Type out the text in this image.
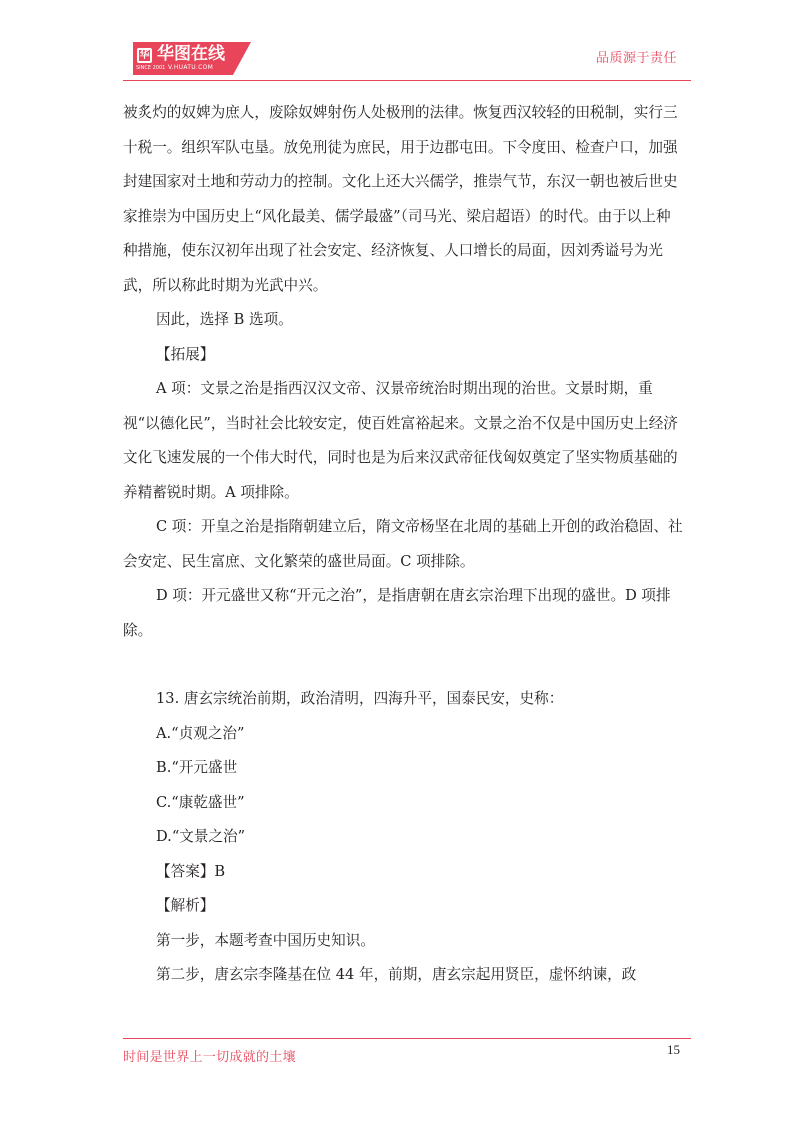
华
SINCE 2001
华图在线
V.HUATU.COM
品质源于责任

被炙灼的奴婢为庶人，废除奴婢射伤人处极刑的法律。恢复西汉较轻的田税制，实行三十税一。组织军队屯垦。放免刑徒为庶民，用于边郡屯田。下令度田、检查户口，加强封建国家对土地和劳动力的控制。文化上还大兴儒学，推崇气节，东汉一朝也被后世史家推崇为中国历史上“风化最美、儒学最盛”（司马光、梁启超语）的时代。由于以上种种措施，使东汉初年出现了社会安定、经济恢复、人口增长的局面，因刘秀谥号为光武，所以称此时期为光武中兴。

因此，选择 B 选项。

【拓展】

A 项：文景之治是指西汉汉文帝、汉景帝统治时期出现的治世。文景时期，重视“以德化民”，当时社会比较安定，使百姓富裕起来。文景之治不仅是中国历史上经济文化飞速发展的一个伟大时代，同时也是为后来汉武帝征伐匈奴奠定了坚实物质基础的养精蓄锐时期。A 项排除。

C 项：开皇之治是指隋朝建立后，隋文帝杨坚在北周的基础上开创的政治稳固、社会安定、民生富庶、文化繁荣的盛世局面。C 项排除。

D 项：开元盛世又称“开元之治”，是指唐朝在唐玄宗治理下出现的盛世。D 项排除。

13. 唐玄宗统治前期，政治清明，四海升平，国泰民安，史称：

A.“贞观之治”

B.“开元盛世

C.“康乾盛世”

D.“文景之治”

【答案】B

【解析】

第一步，本题考查中国历史知识。

第二步，唐玄宗李隆基在位 44 年，前期，唐玄宗起用贤臣，虚怀纳谏，政

时间是世界上一切成就的土壤
15
